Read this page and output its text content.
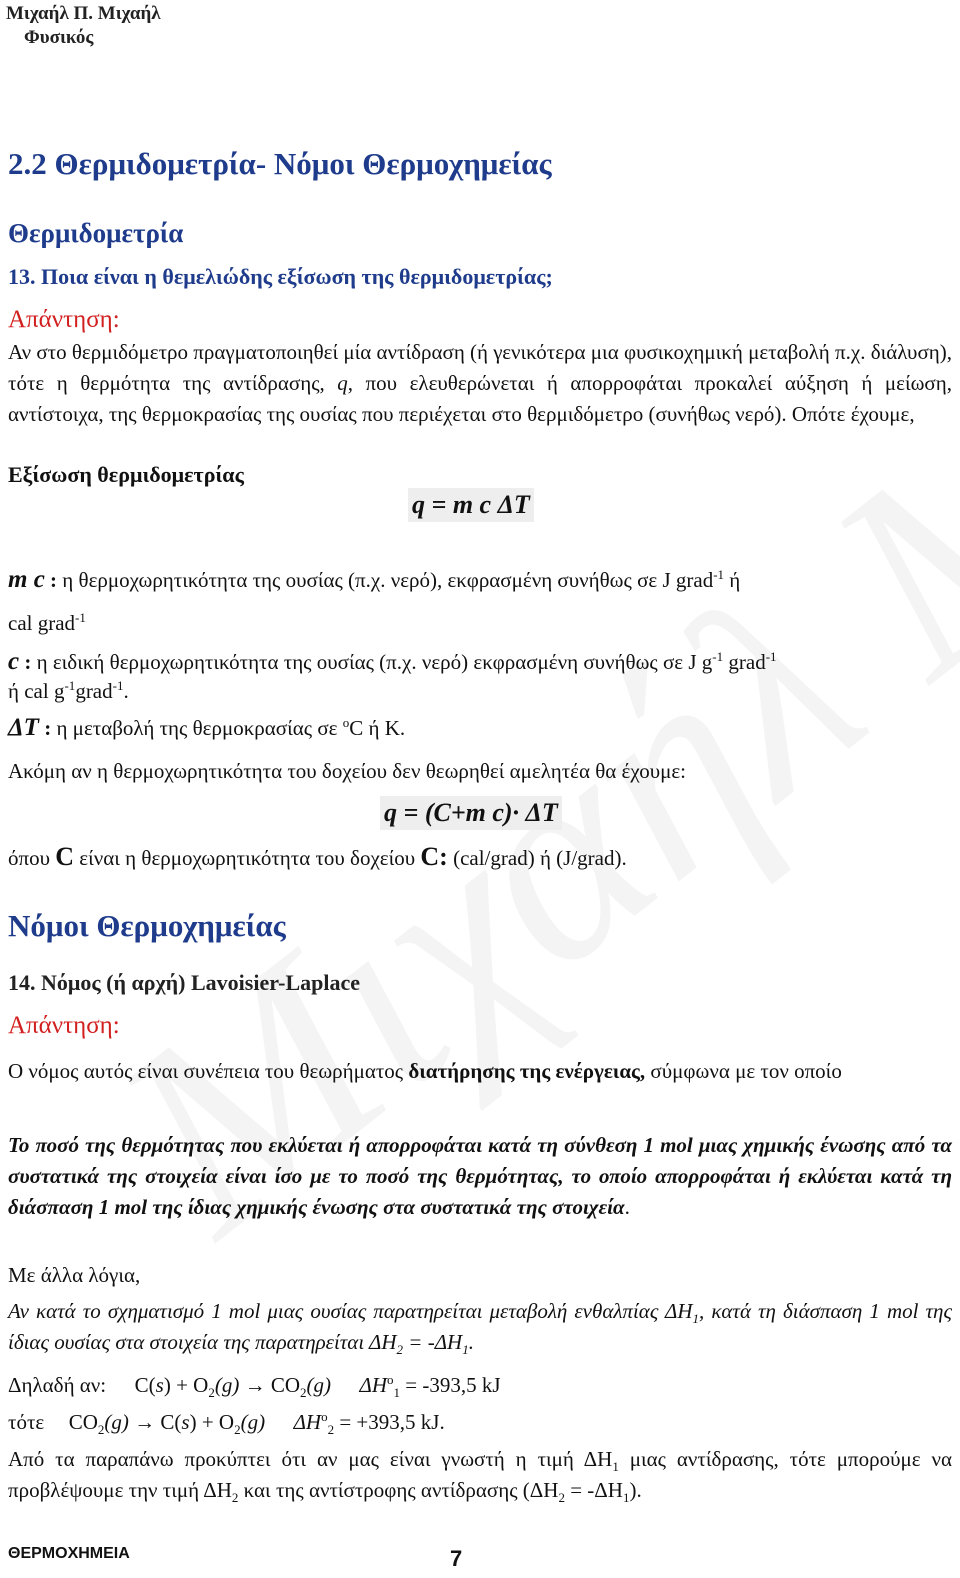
Μιχαήλ Π. Μιχαήλ
Φυσικός
2.2 Θερμιδομετρία- Νόμοι Θερμοχημείας
Θερμιδομετρία
13. Ποια είναι η θεμελιώδης εξίσωση της θερμιδομετρίας;
Απάντηση:
Αν στο θερμιδόμετρο πραγματοποιηθεί μία αντίδραση (ή γενικότερα μια φυσικοχημική μεταβολή π.χ. διάλυση), τότε η θερμότητα της αντίδρασης, q, που ελευθερώνεται ή απορροφάται προκαλεί αύξηση ή μείωση, αντίστοιχα, της θερμοκρασίας της ουσίας που περιέχεται στο θερμιδόμετρο (συνήθως νερό). Οπότε έχουμε,
Εξίσωση θερμιδομετρίας
q = m c ΔT
m c : η θερμοχωρητικότητα της ουσίας (π.χ. νερό), εκφρασμένη συνήθως σε J grad$^{-1}$ ή
cal grad$^{-1}$
c : η ειδική θερμοχωρητικότητα της ουσίας (π.χ. νερό) εκφρασμένη συνήθως σε J $g^{-1}$ grad$^{-1}$
ή cal $g^{-1}grad^{-1}$.
ΔT : η μεταβολή της θερμοκρασίας σε $^o$C ή K.
Ακόμη αν η θερμοχωρητικότητα του δοχείου δεν θεωρηθεί αμελητέα θα έχουμε:
q = (C+m c)· ΔT
όπου C είναι η θερμοχωρητικότητα του δοχείου C: (cal/grad) ή (J/grad).
Νόμοι Θερμοχημείας
14. Νόμος (ή αρχή) Lavoisier-Laplace
Απάντηση:
Ο νόμος αυτός είναι συνέπεια του θεωρήματος διατήρησης της ενέργειας, σύμφωνα με τον οποίο
Το ποσό της θερμότητας που εκλύεται ή απορροφάται κατά τη σύνθεση 1 mol μιας χημικής ένωσης από τα συστατικά της στοιχεία είναι ίσο με το ποσό της θερμότητας, το οποίο απορροφάται ή εκλύεται κατά τη διάσπαση 1 mol της ίδιας χημικής ένωσης στα συστατικά της στοιχεία.
Με άλλα λόγια,
Αν κατά το σχηματισμό 1 mol μιας ουσίας παρατηρείται μεταβολή ενθαλπίας $\Delta H_1$, κατά τη διάσπαση 1 mol της ίδιας ουσίας στα στοιχεία της παρατηρείται $\Delta H_2 = -\Delta H_1$.
Δηλαδή αν: $C(s) + O_2(g) \to CO_2(g) \Delta H^o_1 = -393,5$ kJ
τότε $CO_2(g) \to C(s) + O_2(g) \Delta H^o_2 = +393,5$ kJ.
Από τα παραπάνω προκύπτει ότι αν μας είναι γνωστή η τιμή $\Delta H_1$ μιας αντίδρασης, τότε μπορούμε να προβλέψουμε την τιμή $\Delta H_2$ και της αντίστροφης αντίδρασης $(\Delta H_2 = -\Delta H_1)$.
ΘΕΡΜΟΧΗΜΕΙΑ	7
